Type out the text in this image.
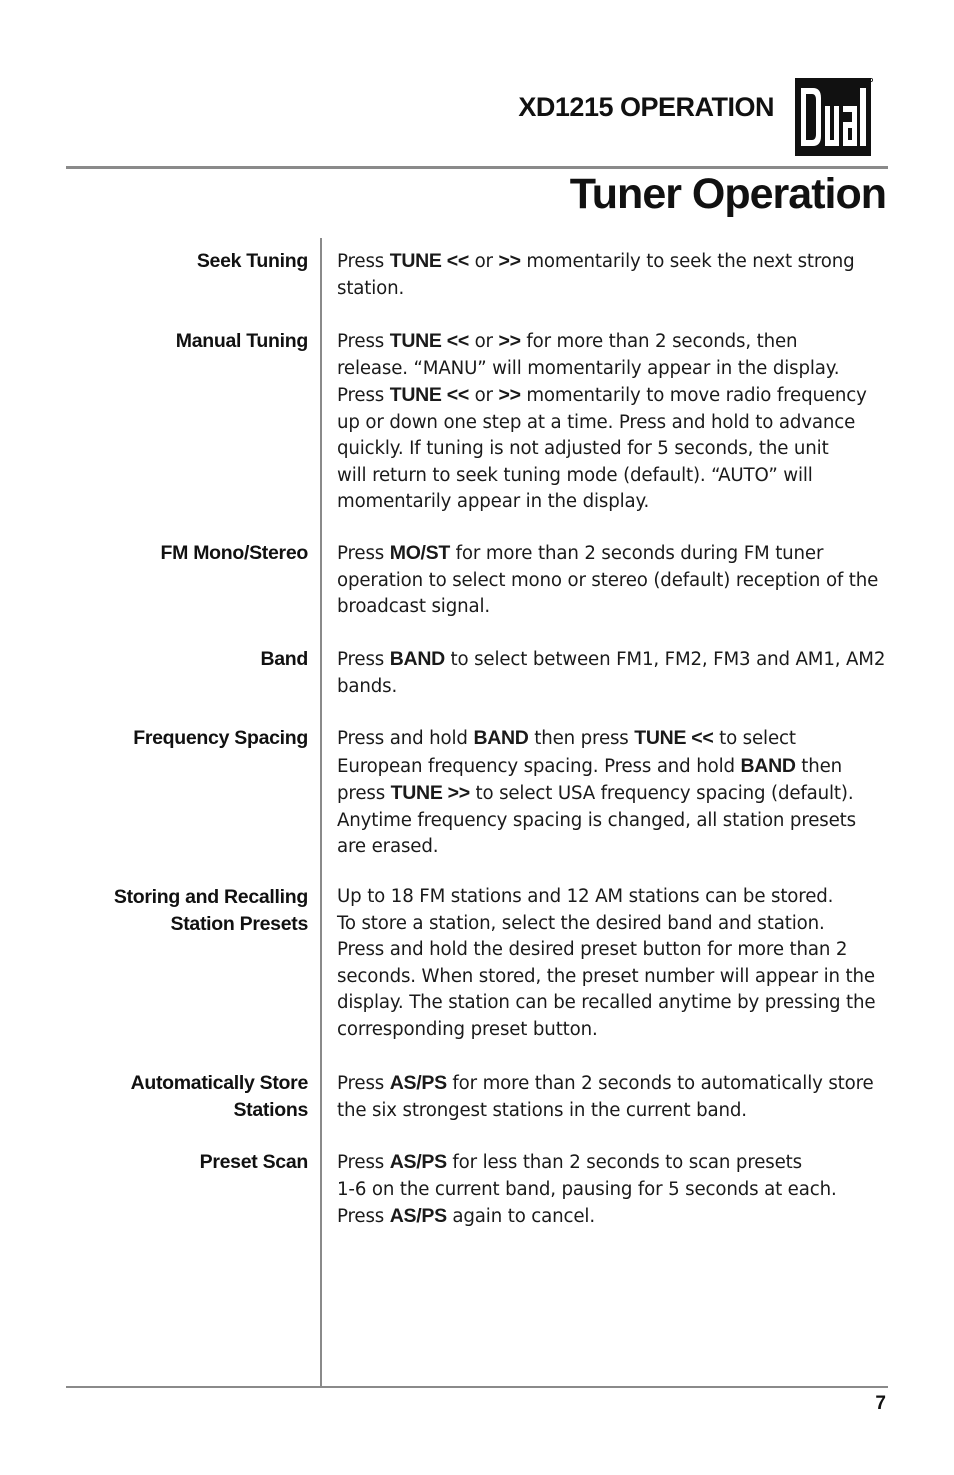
XD1215 OPERATION
Tuner Operation
Seek Tuning Press TUNE << or >> momentarily to seek the next strong
station.
Manual Tuning Press TUNE << or >> for more than 2 seconds, then
release. “MANU” will momentarily appear in the display.
Press TUNE << or >> momentarily to move radio frequency
up or down one step at a time. Press and hold to advance
quickly. If tuning is not adjusted for 5 seconds, the unit
will return to seek tuning mode (default). “AUTO” will
momentarily appear in the display.
FM Mono/Stereo Press MO/ST for more than 2 seconds during FM tuner
operation to select mono or stereo (default) reception of the
broadcast signal.
Band Press BAND to select between FM1, FM2, FM3 and AM1, AM2
bands.
Frequency Spacing Press and hold BAND then press TUNE << to select
European frequency spacing. Press and hold BAND then
press TUNE >> to select USA frequency spacing (default).
Anytime frequency spacing is changed, all station presets
are erased.
Storing and Recalling
Station Presets
Up to 18 FM stations and 12 AM stations can be stored.
To store a station, select the desired band and station.
Press and hold the desired preset button for more than 2
seconds. When stored, the preset number will appear in the
display. The station can be recalled anytime by pressing the
corresponding preset button.
Automatically Store
Stations
Press AS/PS for more than 2 seconds to automatically store
the six strongest stations in the current band.
Preset Scan Press AS/PS for less than 2 seconds to scan presets
1-6 on the current band, pausing for 5 seconds at each.
Press AS/PS again to cancel.
7
